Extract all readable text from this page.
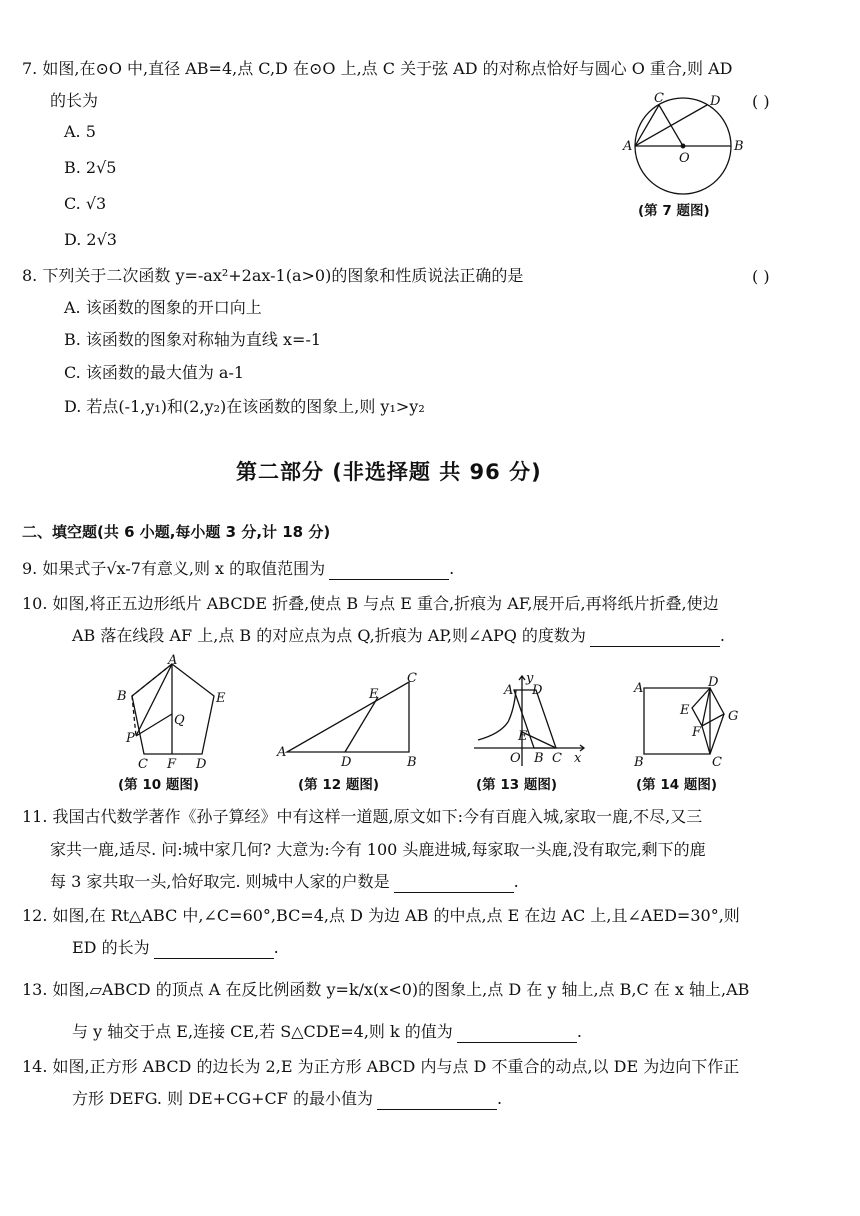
7. 如图,在⊙O 中,直径 AB=4,点 C,D 在⊙O 上,点 C 关于弦 AD 的对称点恰好与圆心 O 重合,则 AD
的长为	( )
A. 5
B. 2√5
C. √3
D. 2√3
A	B
C	D
O
(第 7 题图)
8. 下列关于二次函数 y=-ax²+2ax-1(a>0)的图象和性质说法正确的是	( )
A. 该函数的图象的开口向上
B. 该函数的图象对称轴为直线 x=-1
C. 该函数的最大值为 a-1
D. 若点(-1,y₁)和(2,y₂)在该函数的图象上,则 y₁>y₂
第二部分 (非选择题 共 96 分)
二、填空题(共 6 小题,每小题 3 分,计 18 分)
9. 如果式子√x-7有意义,则 x 的取值范围为	.
10. 如图,将正五边形纸片 ABCDE 折叠,使点 B 与点 E 重合,折痕为 AF,展开后,再将纸片折叠,使边
AB 落在线段 AF 上,点 B 的对应点为点 Q,折痕为 AP,则∠APQ 的度数为	.
A
B
C	D
E
F
P
Q
A
B
C
D
E	A D
E
O B C x
y
A
B	C
D
E
F
G
(第 10 题图)	(第 12 题图)	(第 13 题图)	(第 14 题图)
11. 我国古代数学著作《孙子算经》中有这样一道题,原文如下:今有百鹿入城,家取一鹿,不尽,又三
家共一鹿,适尽. 问:城中家几何? 大意为:今有 100 头鹿进城,每家取一头鹿,没有取完,剩下的鹿
每 3 家共取一头,恰好取完. 则城中人家的户数是	.
12. 如图,在 Rt△ABC 中,∠C=60°,BC=4,点 D 为边 AB 的中点,点 E 在边 AC 上,且∠AED=30°,则
ED 的长为	.
13. 如图,▱ABCD 的顶点 A 在反比例函数 y=k/x(x<0)的图象上,点 D 在 y 轴上,点 B,C 在 x 轴上,AB
与 y 轴交于点 E,连接 CE,若 S△CDE=4,则 k 的值为	.
14. 如图,正方形 ABCD 的边长为 2,E 为正方形 ABCD 内与点 D 不重合的动点,以 DE 为边向下作正
方形 DEFG. 则 DE+CG+CF 的最小值为	.
